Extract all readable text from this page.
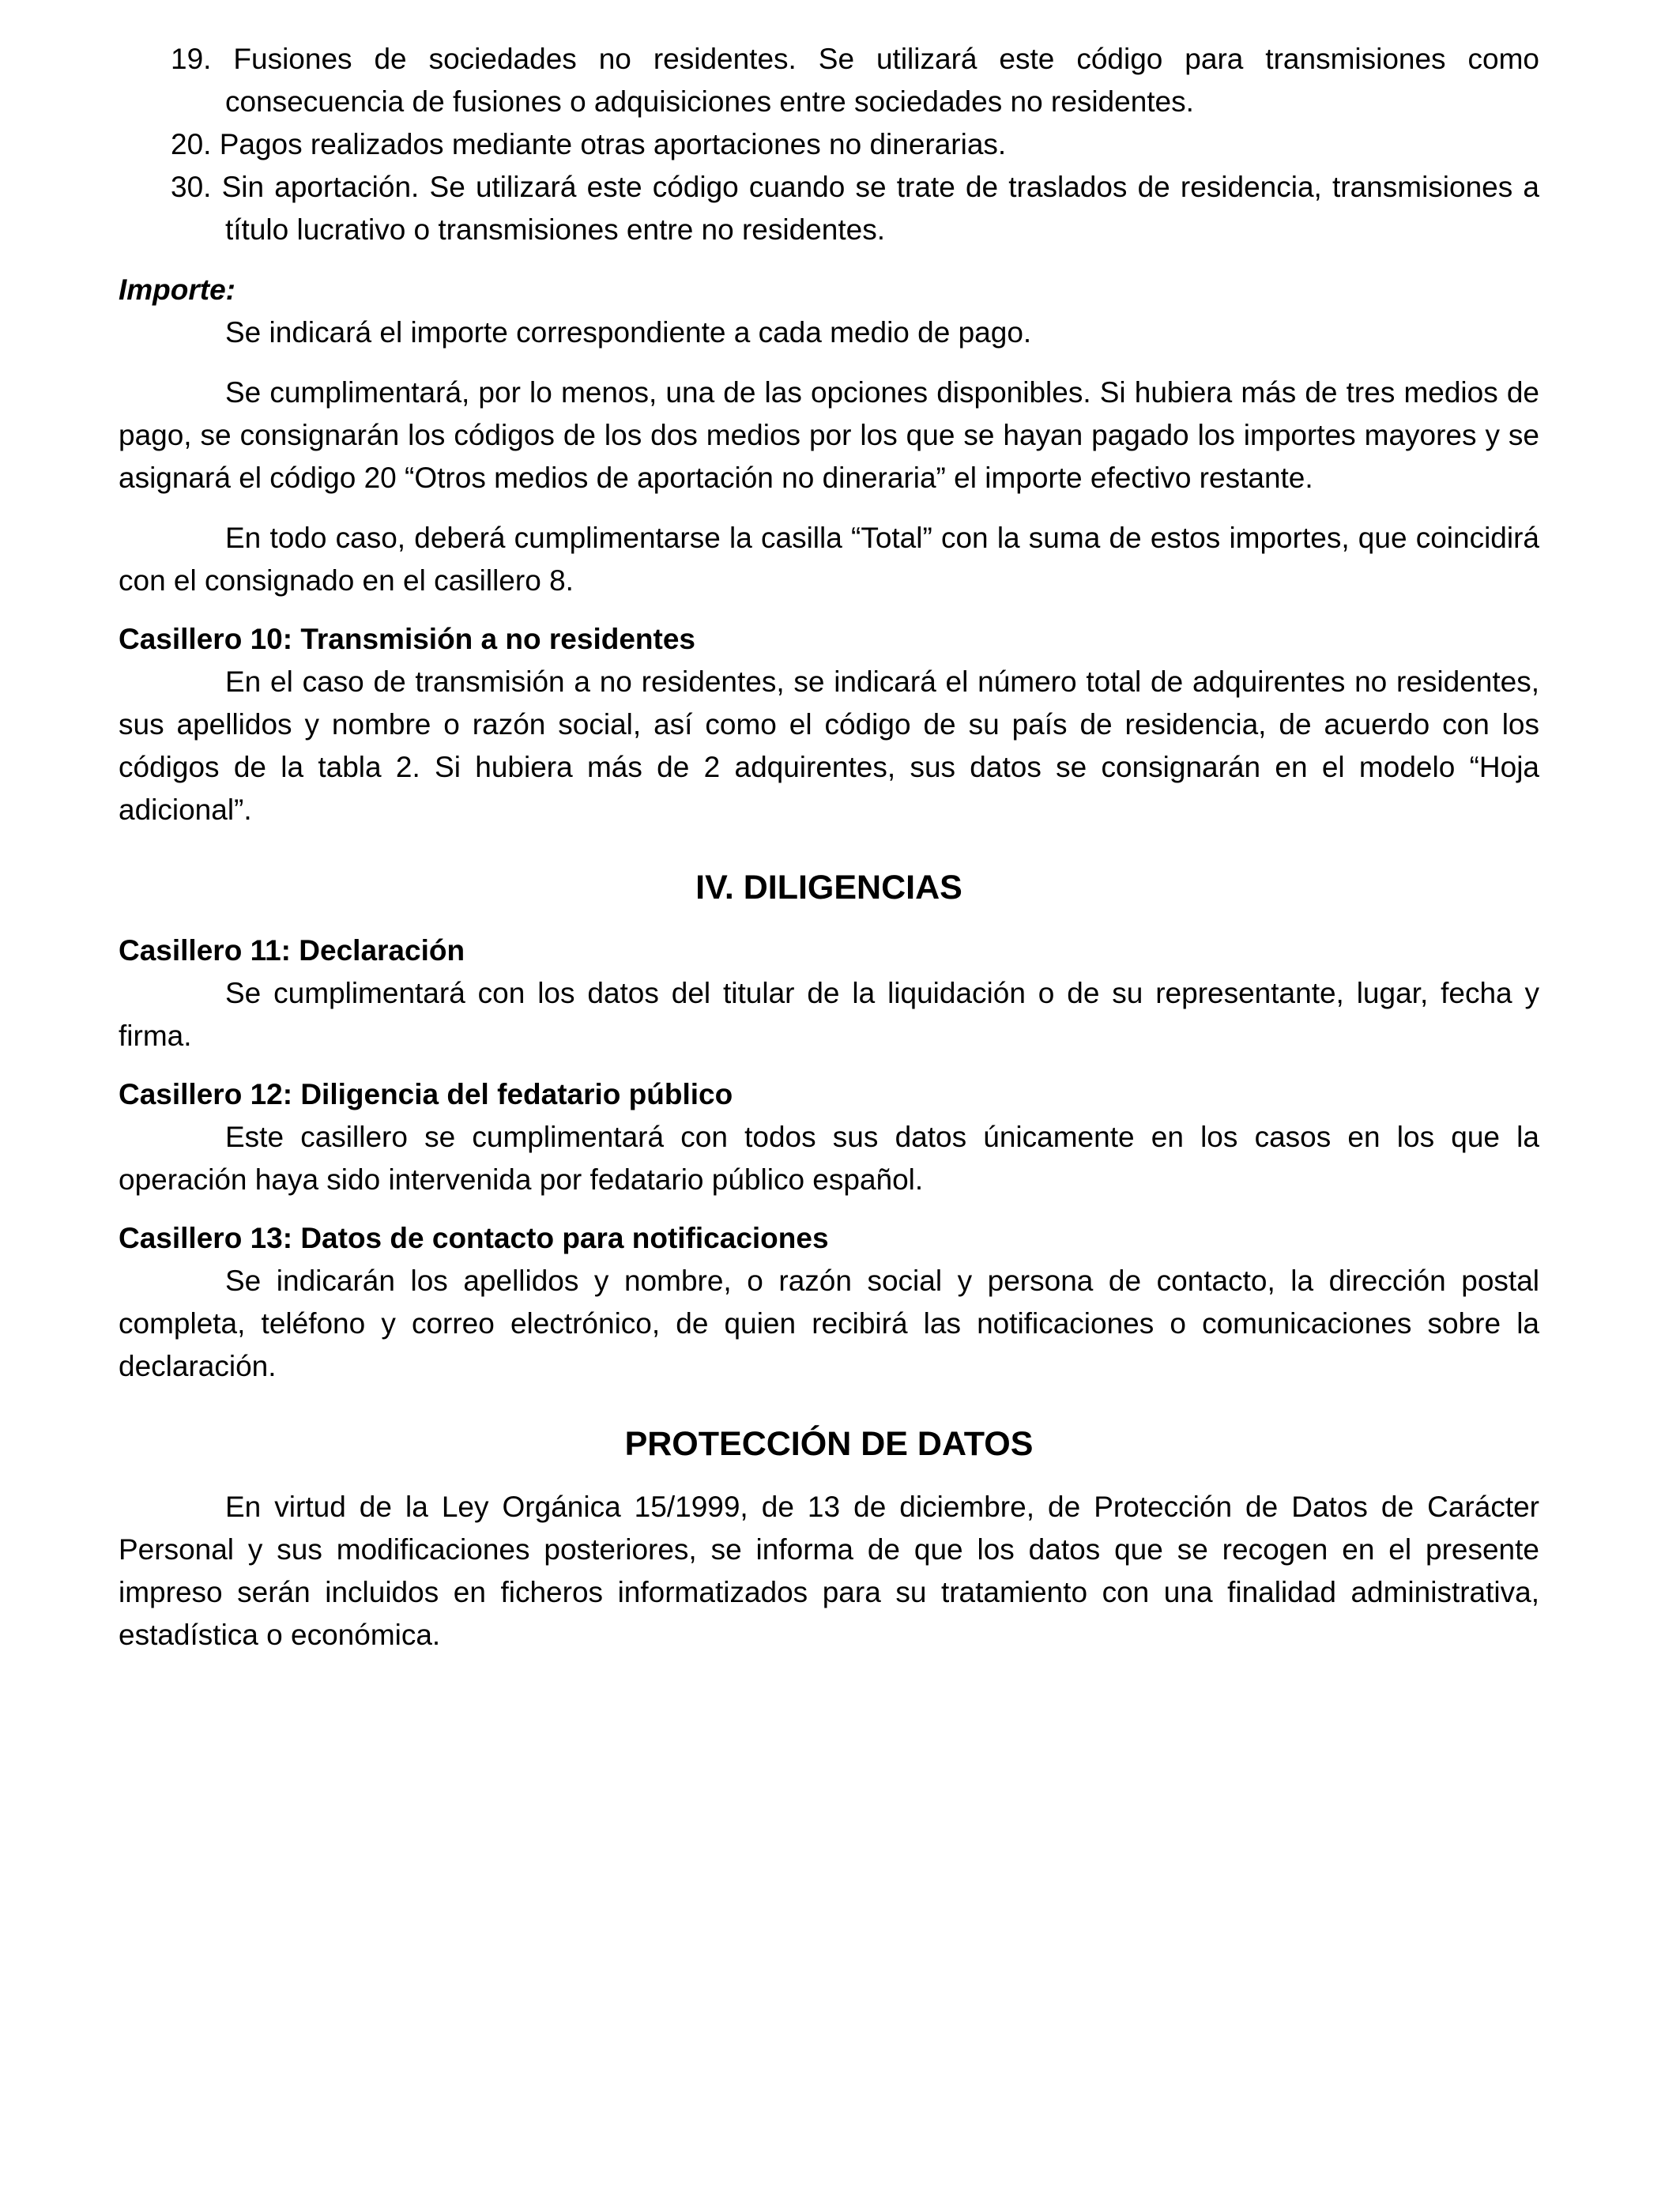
19. Fusiones de sociedades no residentes. Se utilizará este código para transmisiones como consecuencia de fusiones o adquisiciones entre sociedades no residentes.

20. Pagos realizados mediante otras aportaciones no dinerarias.

30. Sin aportación. Se utilizará este código cuando se trate de traslados de residencia, transmisiones a título lucrativo o transmisiones entre no residentes.

Importe:

Se indicará el importe correspondiente a cada medio de pago.

Se cumplimentará, por lo menos, una de las opciones disponibles. Si hubiera más de tres medios de pago, se consignarán los códigos de los dos medios por los que se hayan pagado los importes mayores y se asignará el código 20 “Otros medios de aportación no dineraria” el importe efectivo restante.

En todo caso, deberá cumplimentarse la casilla “Total” con la suma de estos importes, que coincidirá con el consignado en el casillero 8.

Casillero 10: Transmisión a no residentes

En el caso de transmisión a no residentes, se indicará el número total de adquirentes no residentes, sus apellidos y nombre o razón social, así como el código de su país de residencia, de acuerdo con los códigos de la tabla 2. Si hubiera más de 2 adquirentes, sus datos se consignarán en el modelo “Hoja adicional”.

IV. DILIGENCIAS

Casillero 11: Declaración

Se cumplimentará con los datos del titular de la liquidación o de su representante, lugar, fecha y firma.

Casillero 12: Diligencia del fedatario público

Este casillero se cumplimentará con todos sus datos únicamente en los casos en los que la operación haya sido intervenida por fedatario público español.

Casillero 13: Datos de contacto para notificaciones

Se indicarán los apellidos y nombre, o razón social y persona de contacto, la dirección postal completa, teléfono y correo electrónico, de quien recibirá las notificaciones o comunicaciones sobre la declaración.

PROTECCIÓN DE DATOS

En virtud de la Ley Orgánica 15/1999, de 13 de diciembre, de Protección de Datos de Carácter Personal y sus modificaciones posteriores, se informa de que los datos que se recogen en el presente impreso serán incluidos en ficheros informatizados para su tratamiento con una finalidad administrativa, estadística o económica.
